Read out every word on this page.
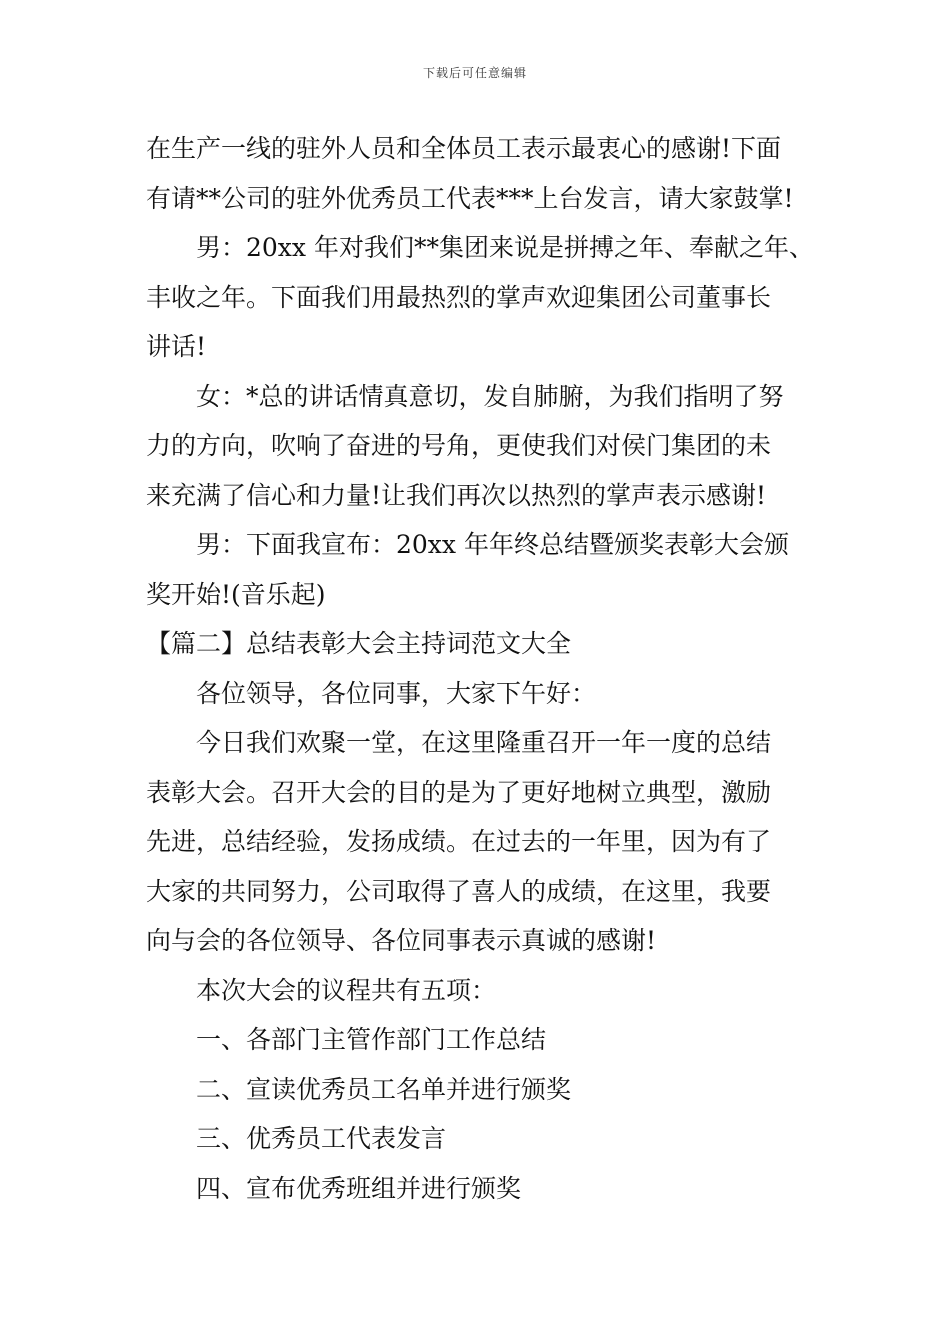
下载后可任意编辑
在生产一线的驻外人员和全体员工表示最衷心的感谢!下面
有请**公司的驻外优秀员工代表***上台发言，请大家鼓掌!
男：20xx 年对我们**集团来说是拼搏之年、奉献之年、
丰收之年。下面我们用最热烈的掌声欢迎集团公司董事长
讲话!
女：*总的讲话情真意切，发自肺腑，为我们指明了努
力的方向，吹响了奋进的号角，更使我们对侯门集团的未
来充满了信心和力量!让我们再次以热烈的掌声表示感谢!
男：下面我宣布：20xx 年年终总结暨颁奖表彰大会颁
奖开始!(音乐起)
【篇二】总结表彰大会主持词范文大全
各位领导，各位同事，大家下午好：
今日我们欢聚一堂，在这里隆重召开一年一度的总结
表彰大会。召开大会的目的是为了更好地树立典型，激励
先进，总结经验，发扬成绩。在过去的一年里，因为有了
大家的共同努力，公司取得了喜人的成绩，在这里，我要
向与会的各位领导、各位同事表示真诚的感谢!
本次大会的议程共有五项：
一、各部门主管作部门工作总结
二、宣读优秀员工名单并进行颁奖
三、优秀员工代表发言
四、宣布优秀班组并进行颁奖
